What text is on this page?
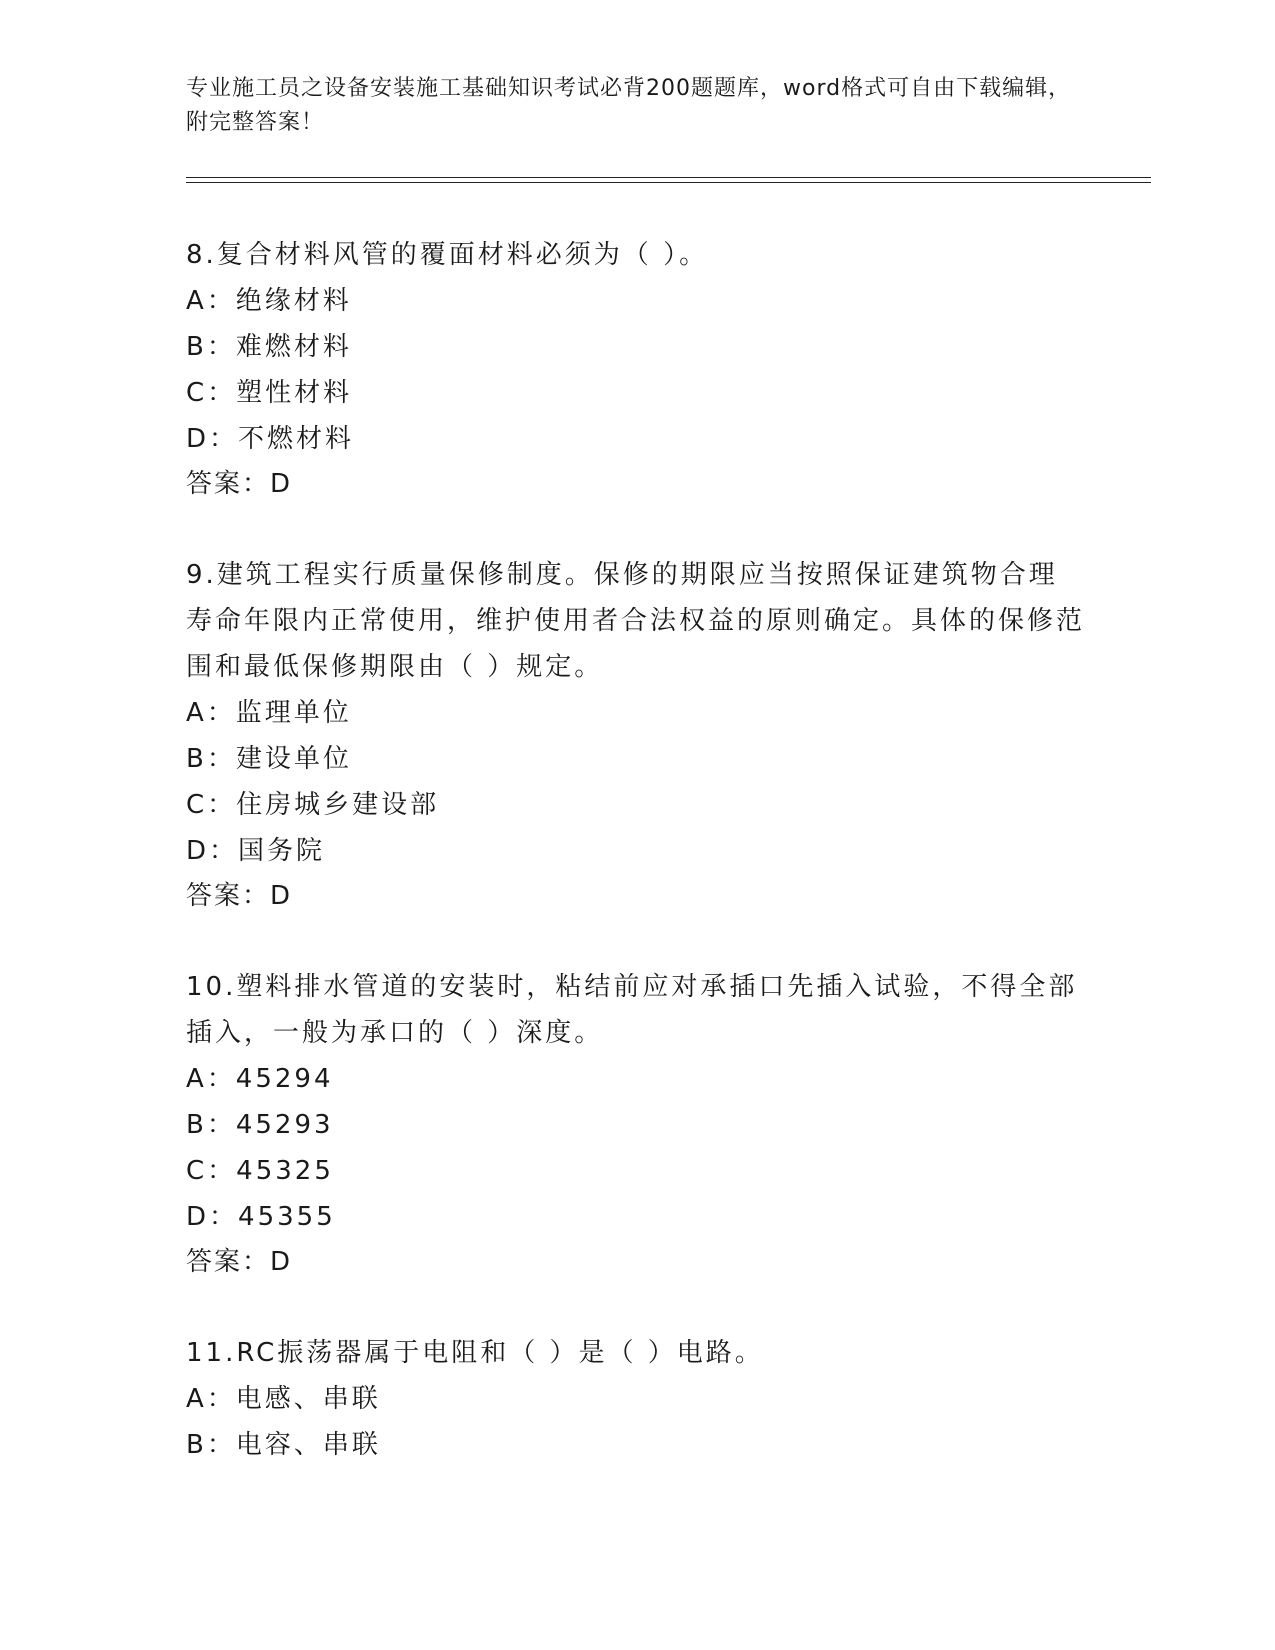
专业施工员之设备安装施工基础知识考试必背200题题库，word格式可自由下载编辑，附完整答案！

8.复合材料风管的覆面材料必须为（ ）。

A：绝缘材料

B：难燃材料

C：塑性材料

D：不燃材料

答案：D

9.建筑工程实行质量保修制度。保修的期限应当按照保证建筑物合理寿命年限内正常使用，维护使用者合法权益的原则确定。具体的保修范围和最低保修期限由（ ）规定。

A：监理单位

B：建设单位

C：住房城乡建设部

D：国务院

答案：D

10.塑料排水管道的安装时，粘结前应对承插口先插入试验，不得全部插入，一般为承口的（ ）深度。

A：45294

B：45293

C：45325

D：45355

答案：D

11.RC振荡器属于电阻和（ ）是（ ）电路。

A：电感、串联

B：电容、串联
